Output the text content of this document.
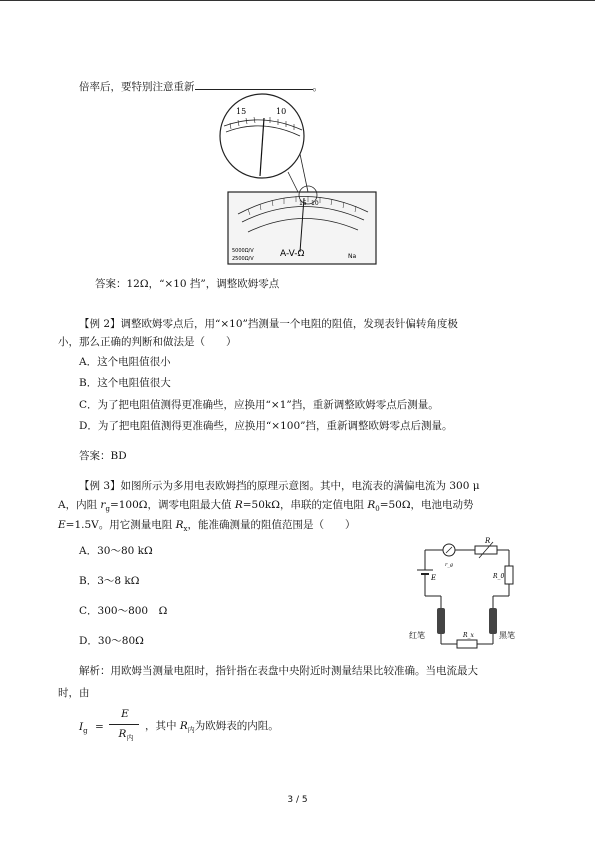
倍率后，要特别注意重新	。
15	10
15 10
A-V-Ω
5000Ω/V
2500Ω/V	Na
答案：12Ω，“×10 挡”，调整欧姆零点
【例 2】调整欧姆零点后，用“×10”挡测量一个电阻的阻值，发现表针偏转角度极
小，那么正确的判断和做法是（　　）
A．这个电阻值很小
B．这个电阻值很大
C．为了把电阻值测得更准确些，应换用“×1”挡，重新调整欧姆零点后测量。
D．为了把电阻值测得更准确些，应换用“×100”挡，重新调整欧姆零点后测量。
答案：BD
【例 3】如图所示为多用电表欧姆挡的原理示意图。其中，电流表的满偏电流为 300 μ
A，内阻 $r_g=100\Omega$，调零电阻最大值 R=50kΩ，串联的定值电阻 $R_0=50\Omega$，电池电动势
E=1.5V。用它测量电阻 $R_x$，能准确测量的阻值范围是（　　）
A．30～80 kΩ
B．3～8 kΩ
C．300～800　Ω
D．30～80Ω
R
r_g
R_0
E
红笔	R_x	黑笔
解析：用欧姆当测量电阻时，指针指在表盘中央附近时测量结果比较准确。当电流最大
时，由
$I_g$ =
E
$R_内$
，其中 $R_内$为欧姆表的内阻。
3 / 5
